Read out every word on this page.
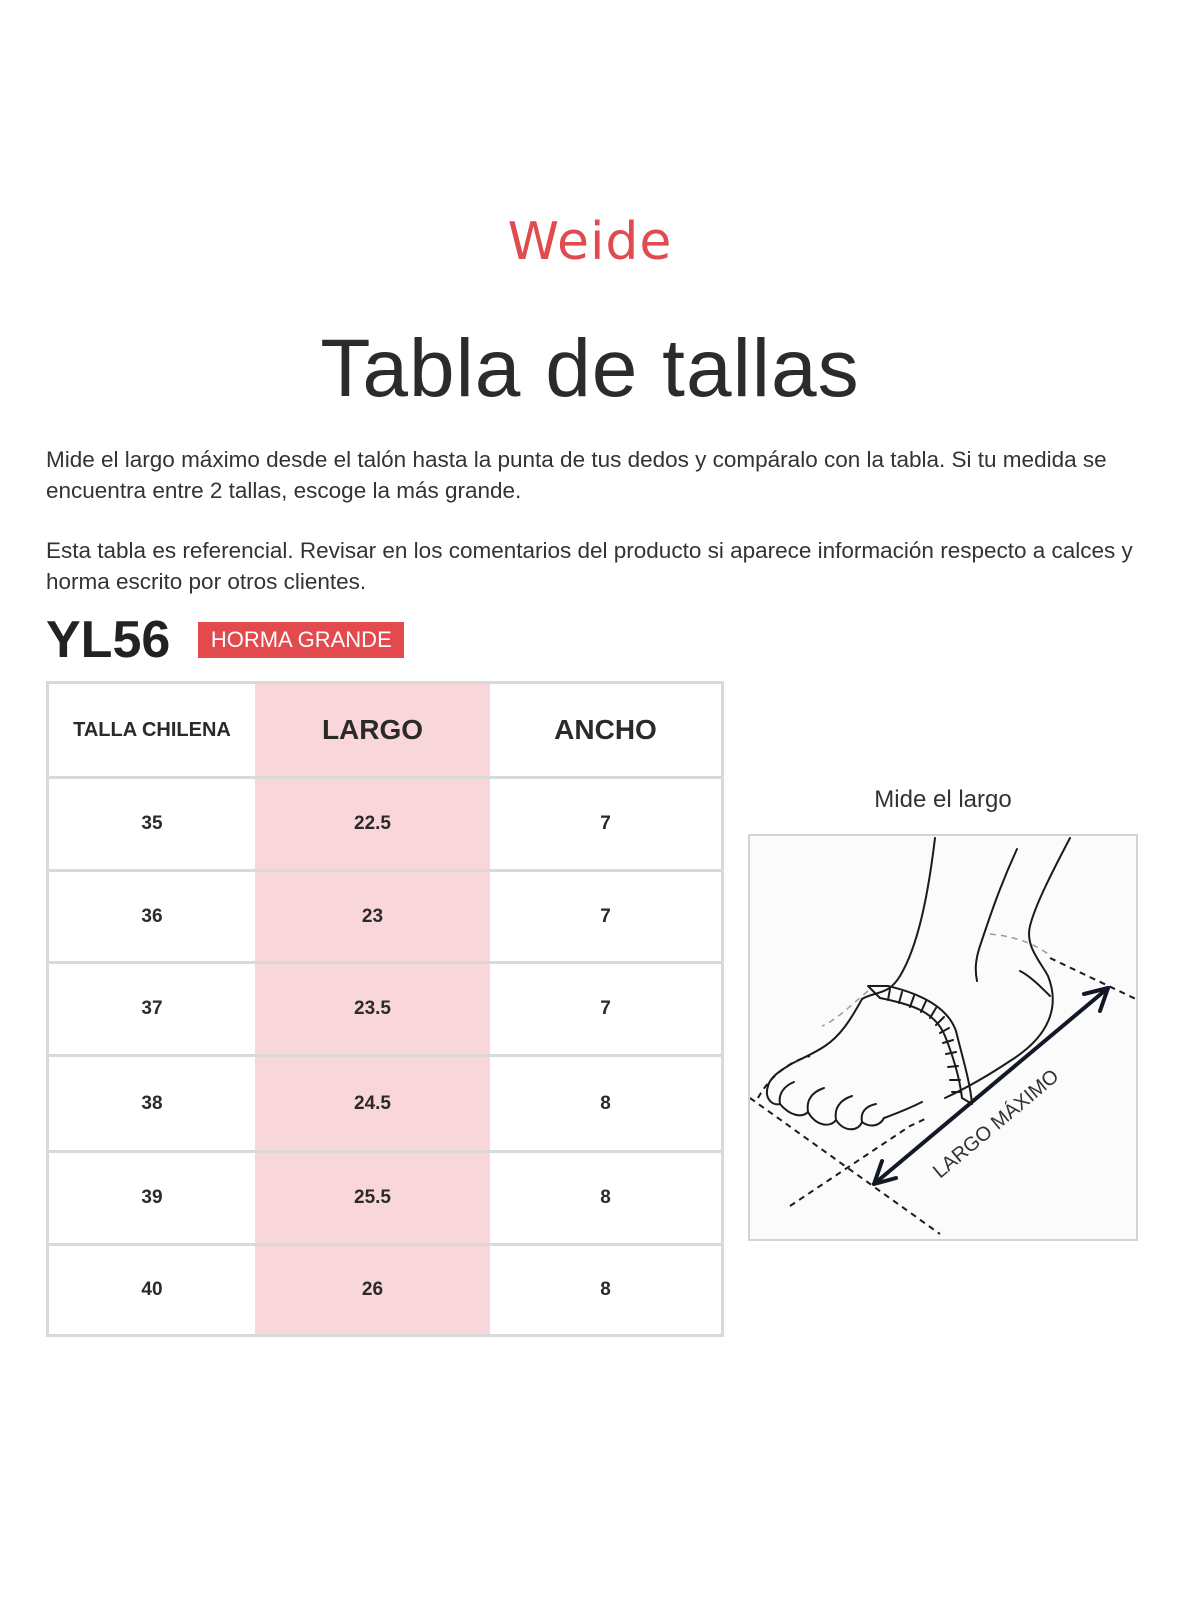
Weide
Tabla de tallas

Mide el largo máximo desde el talón hasta la punta de tus dedos y compáralo con la tabla. Si tu medida se encuentra entre 2 tallas, escoge la más grande.

Esta tabla es referencial. Revisar en los comentarios del producto si aparece información respecto a calces y horma escrito por otros clientes.

YL56	HORMA GRANDE
TALLA CHILENA	LARGO	ANCHO
35	22.5	7
36	23	7
37	23.5	7
38	24.5	8
39	25.5	8
40	26	8
Mide el largo
LARGO MÁXIMO
